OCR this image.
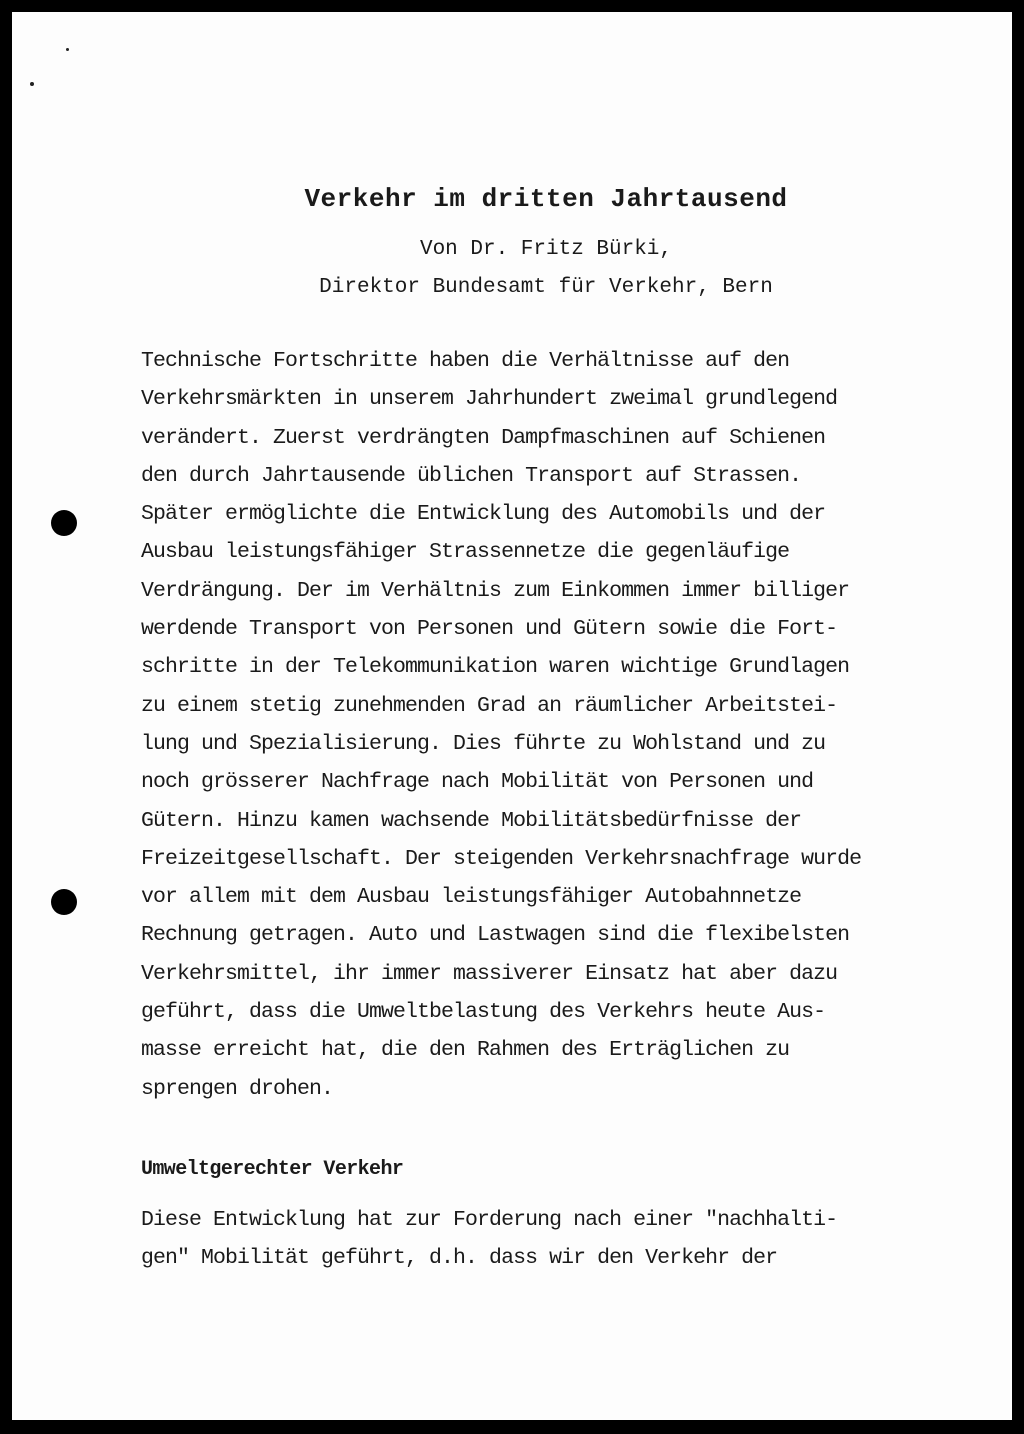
Verkehr im dritten Jahrtausend
Von Dr. Fritz Bürki,
Direktor Bundesamt für Verkehr, Bern
Technische Fortschritte haben die Verhältnisse auf den
Verkehrsmärkten in unserem Jahrhundert zweimal grundlegend
verändert. Zuerst verdrängten Dampfmaschinen auf Schienen
den durch Jahrtausende üblichen Transport auf Strassen.
Später ermöglichte die Entwicklung des Automobils und der
Ausbau leistungsfähiger Strassennetze die gegenläufige
Verdrängung. Der im Verhältnis zum Einkommen immer billiger
werdende Transport von Personen und Gütern sowie die Fort-
schritte in der Telekommunikation waren wichtige Grundlagen
zu einem stetig zunehmenden Grad an räumlicher Arbeitstei-
lung und Spezialisierung. Dies führte zu Wohlstand und zu
noch grösserer Nachfrage nach Mobilität von Personen und
Gütern. Hinzu kamen wachsende Mobilitätsbedürfnisse der
Freizeitgesellschaft. Der steigenden Verkehrsnachfrage wurde
vor allem mit dem Ausbau leistungsfähiger Autobahnnetze
Rechnung getragen. Auto und Lastwagen sind die flexibelsten
Verkehrsmittel, ihr immer massiverer Einsatz hat aber dazu
geführt, dass die Umweltbelastung des Verkehrs heute Aus-
masse erreicht hat, die den Rahmen des Erträglichen zu
sprengen drohen.
Umweltgerechter Verkehr
Diese Entwicklung hat zur Forderung nach einer "nachhalti-
gen" Mobilität geführt, d.h. dass wir den Verkehr der
